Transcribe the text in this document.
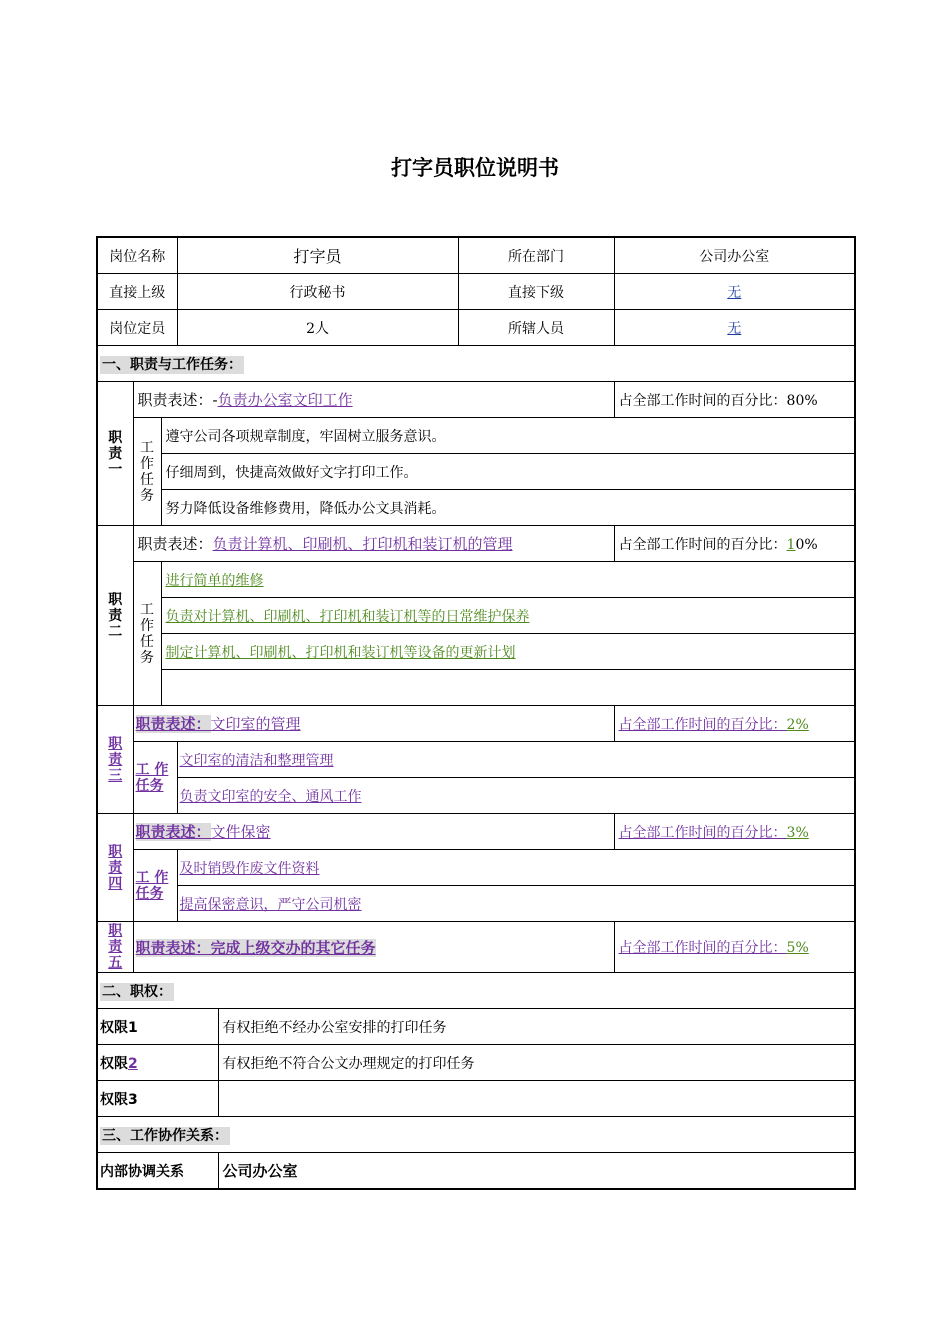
打字员职位说明书
岗位名称			打字员		所在部门	公司办公室
直接上级			行政秘书		直接下级	无
岗位定员			2人		所辖人员	无
一、职责与工作任务：						

职
责
一	职责表述：-负责办公室文印工作					占全部工作时间的百分比：80%

	工
作
任
务	遵守公司各项规章制度，牢固树立服务意识。				
		仔细周到，快捷高效做好文字打印工作。				
		努力降低设备维修费用，降低办公文具消耗。				

职
责
二	职责表述：负责计算机、印刷机、打印机和装订机的管理					占全部工作时间的百分比：10%

	工
作
任
务	进行简单的维修				
		负责对计算机、印刷机、打印机和装订机等的日常维护保养				
		制定计算机、印刷机、打印机和装订机等设备的更新计划				

职
责
三	职责表述：文印室的管理					占全部工作时间的百分比：2%

	工 作
任务		文印室的清洁和整理管理			
			负责文印室的安全、通风工作			

职
责
四	职责表述：文件保密					占全部工作时间的百分比：3%

	工 作
任务		及时销毁作废文件资料			
			提高保密意识，严守公司机密			

职
责
五	职责表述：完成上级交办的其它任务					占全部工作时间的百分比：5%
二、职权：						
权限1				有权拒绝不经办公室安排的打印任务		
权限2				有权拒绝不符合公文办理规定的打印任务		
权限3						
三、工作协作关系：						
内部协调关系				公司办公室		
